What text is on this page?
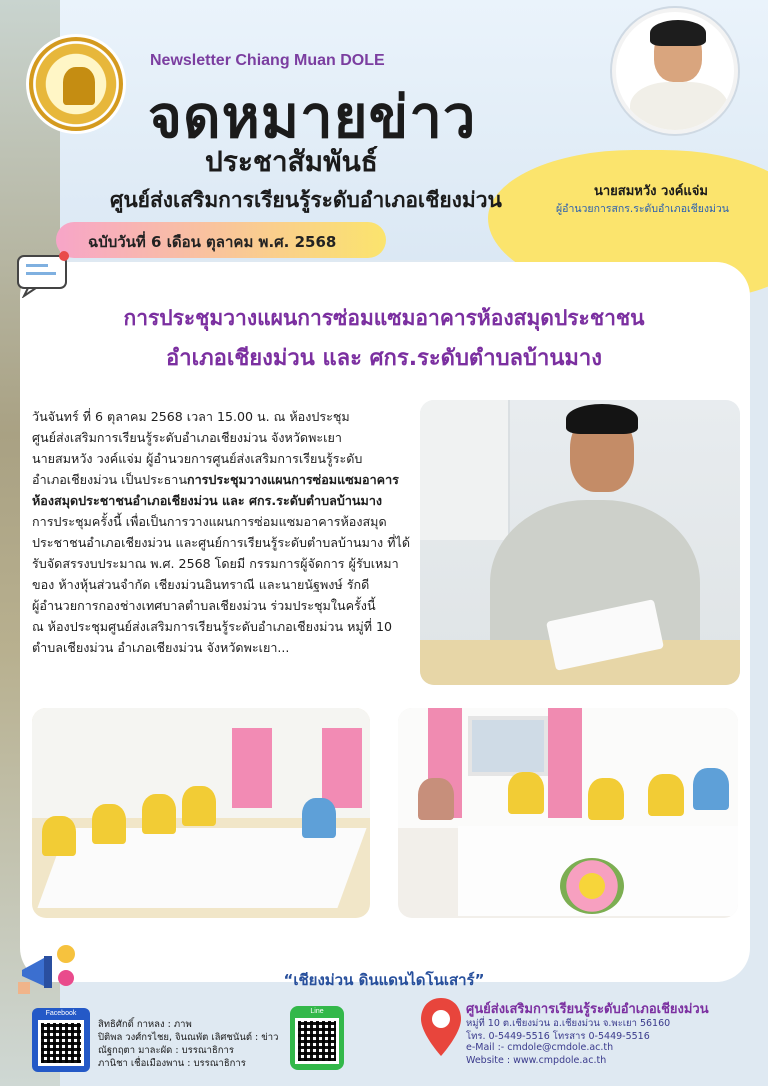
Newsletter Chiang Muan DOLE
จดหมายข่าว
ประชาสัมพันธ์
ศูนย์ส่งเสริมการเรียนรู้ระดับอำเภอเชียงม่วน
ฉบับวันที่ 6 เดือน ตุลาคม พ.ศ. 2568
นายสมหวัง วงค์แจ่ม
ผู้อำนวยการสกร.ระดับอำเภอเชียงม่วน
การประชุมวางแผนการซ่อมแซมอาคารห้องสมุดประชาชน
อำเภอเชียงม่วน และ ศกร.ระดับตำบลบ้านมาง
วันจันทร์ ที่ 6 ตุลาคม 2568 เวลา 15.00 น. ณ ห้องประชุม
ศูนย์ส่งเสริมการเรียนรู้ระดับอำเภอเชียงม่วน จังหวัดพะเยา
นายสมหวัง วงค์แจ่ม ผู้อำนวยการศูนย์ส่งเสริมการเรียนรู้ระดับ
อำเภอเชียงม่วน เป็นประธานการประชุมวางแผนการซ่อมแซมอาคาร
ห้องสมุดประชาชนอำเภอเชียงม่วน และ ศกร.ระดับตำบลบ้านมาง
การประชุมครั้งนี้ เพื่อเป็นการวางแผนการซ่อมแซมอาคารห้องสมุด
ประชาชนอำเภอเชียงม่วน และศูนย์การเรียนรู้ระดับตำบลบ้านมาง ที่ได้
รับจัดสรรงบประมาณ พ.ศ. 2568 โดยมี กรรมการผู้จัดการ ผู้รับเหมา
ของ ห้างหุ้นส่วนจำกัด เชียงม่วนอินทราณี และนายนัฐพงษ์ รักดี
ผู้อำนวยการกองช่างเทศบาลตำบลเชียงม่วน ร่วมประชุมในครั้งนี้
ณ ห้องประชุมศูนย์ส่งเสริมการเรียนรู้ระดับอำเภอเชียงม่วน หมู่ที่ 10
ตำบลเชียงม่วน อำเภอเชียงม่วน จังหวัดพะเยา...
“เชียงม่วน ดินแดนไดโนเสาร์”
Facebook
สิทธิศักดิ์ กาหลง : ภาพ
ปิติพล วงศ์กรไชย, จินณพัต เลิศชนันต์ : ข่าว
ณัฐกฤตา มาละผัด : บรรณาธิการ
ภานิชา เชื่อเมืองพาน : บรรณาธิการ
Line	ศูนย์ส่งเสริมการเรียนรู้ระดับอำเภอเชียงม่วน
หมู่ที่ 10 ต.เชียงม่วน อ.เชียงม่วน จ.พะเยา 56160
โทร. 0-5449-5516 โทรสาร 0-5449-5516
e-Mail :- cmdole@cmdole.ac.th
Website : www.cmpdole.ac.th
